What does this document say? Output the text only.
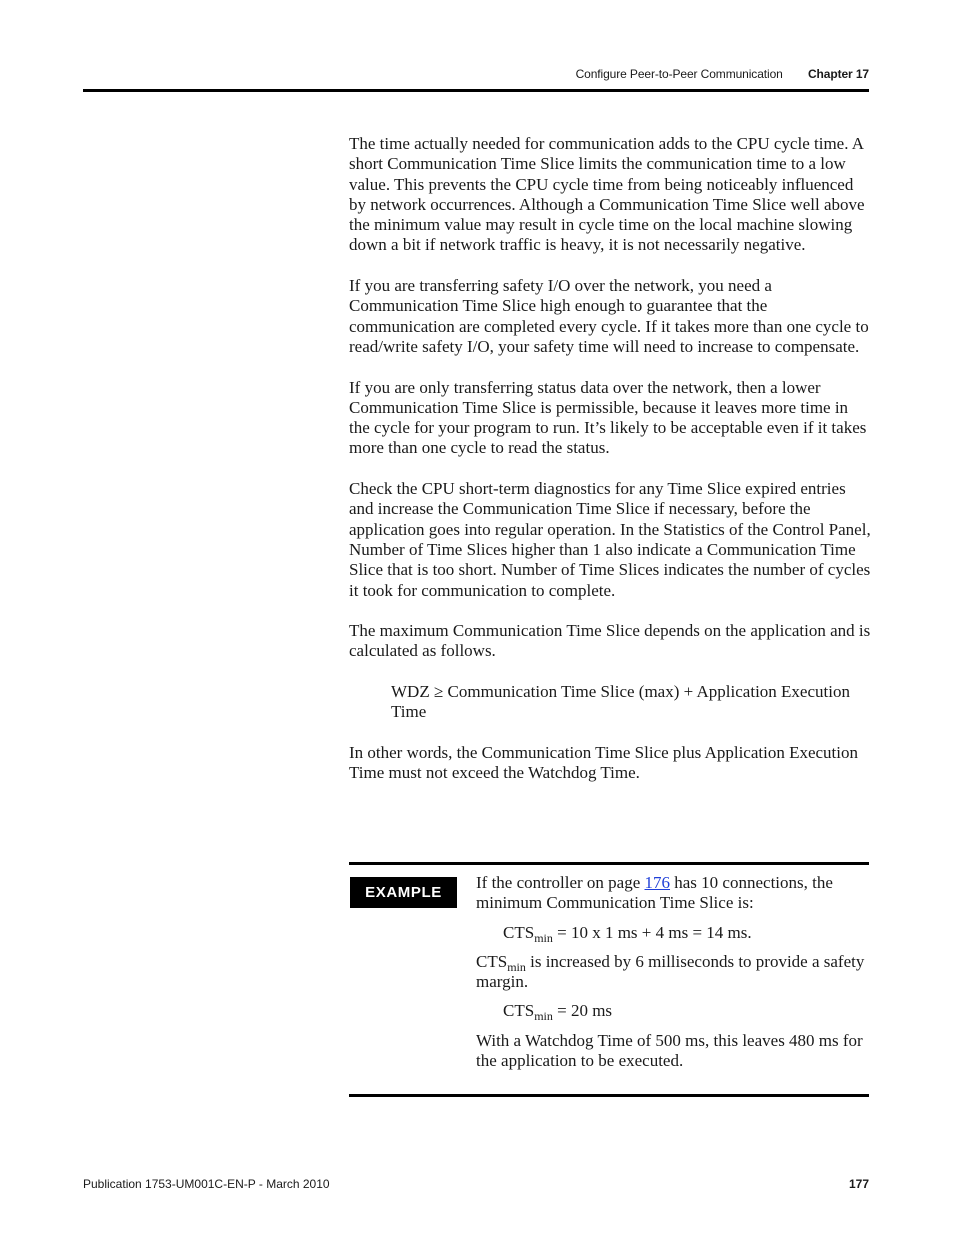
Configure Peer-to-Peer Communication Chapter 17

The time actually needed for communication adds to the CPU cycle time. A short Communication Time Slice limits the communication time to a low value. This prevents the CPU cycle time from being noticeably influenced by network occurrences. Although a Communication Time Slice well above the minimum value may result in cycle time on the local machine slowing down a bit if network traffic is heavy, it is not necessarily negative.

If you are transferring safety I/O over the network, you need a Communication Time Slice high enough to guarantee that the communication are completed every cycle. If it takes more than one cycle to read/write safety I/O, your safety time will need to increase to compensate.

If you are only transferring status data over the network, then a lower Communication Time Slice is permissible, because it leaves more time in the cycle for your program to run. It’s likely to be acceptable even if it takes more than one cycle to read the status.

Check the CPU short-term diagnostics for any Time Slice expired entries and increase the Communication Time Slice if necessary, before the application goes into regular operation. In the Statistics of the Control Panel, Number of Time Slices higher than 1 also indicate a Communication Time Slice that is too short. Number of Time Slices indicates the number of cycles it took for communication to complete.

The maximum Communication Time Slice depends on the application and is calculated as follows.

WDZ ≥ Communication Time Slice (max) + Application Execution Time

In other words, the Communication Time Slice plus Application Execution Time must not exceed the Watchdog Time.

EXAMPLE

If the controller on page 176 has 10 connections, the minimum Communication Time Slice is:

$CTS_{min} = 10$ x 1 ms + 4 ms = 14 ms.

$CTS_{min}$ is increased by 6 milliseconds to provide a safety margin.

$CTS_{min} = 20$ ms

With a Watchdog Time of 500 ms, this leaves 480 ms for the application to be executed.

Publication 1753-UM001C-EN-P - March 2010	177
